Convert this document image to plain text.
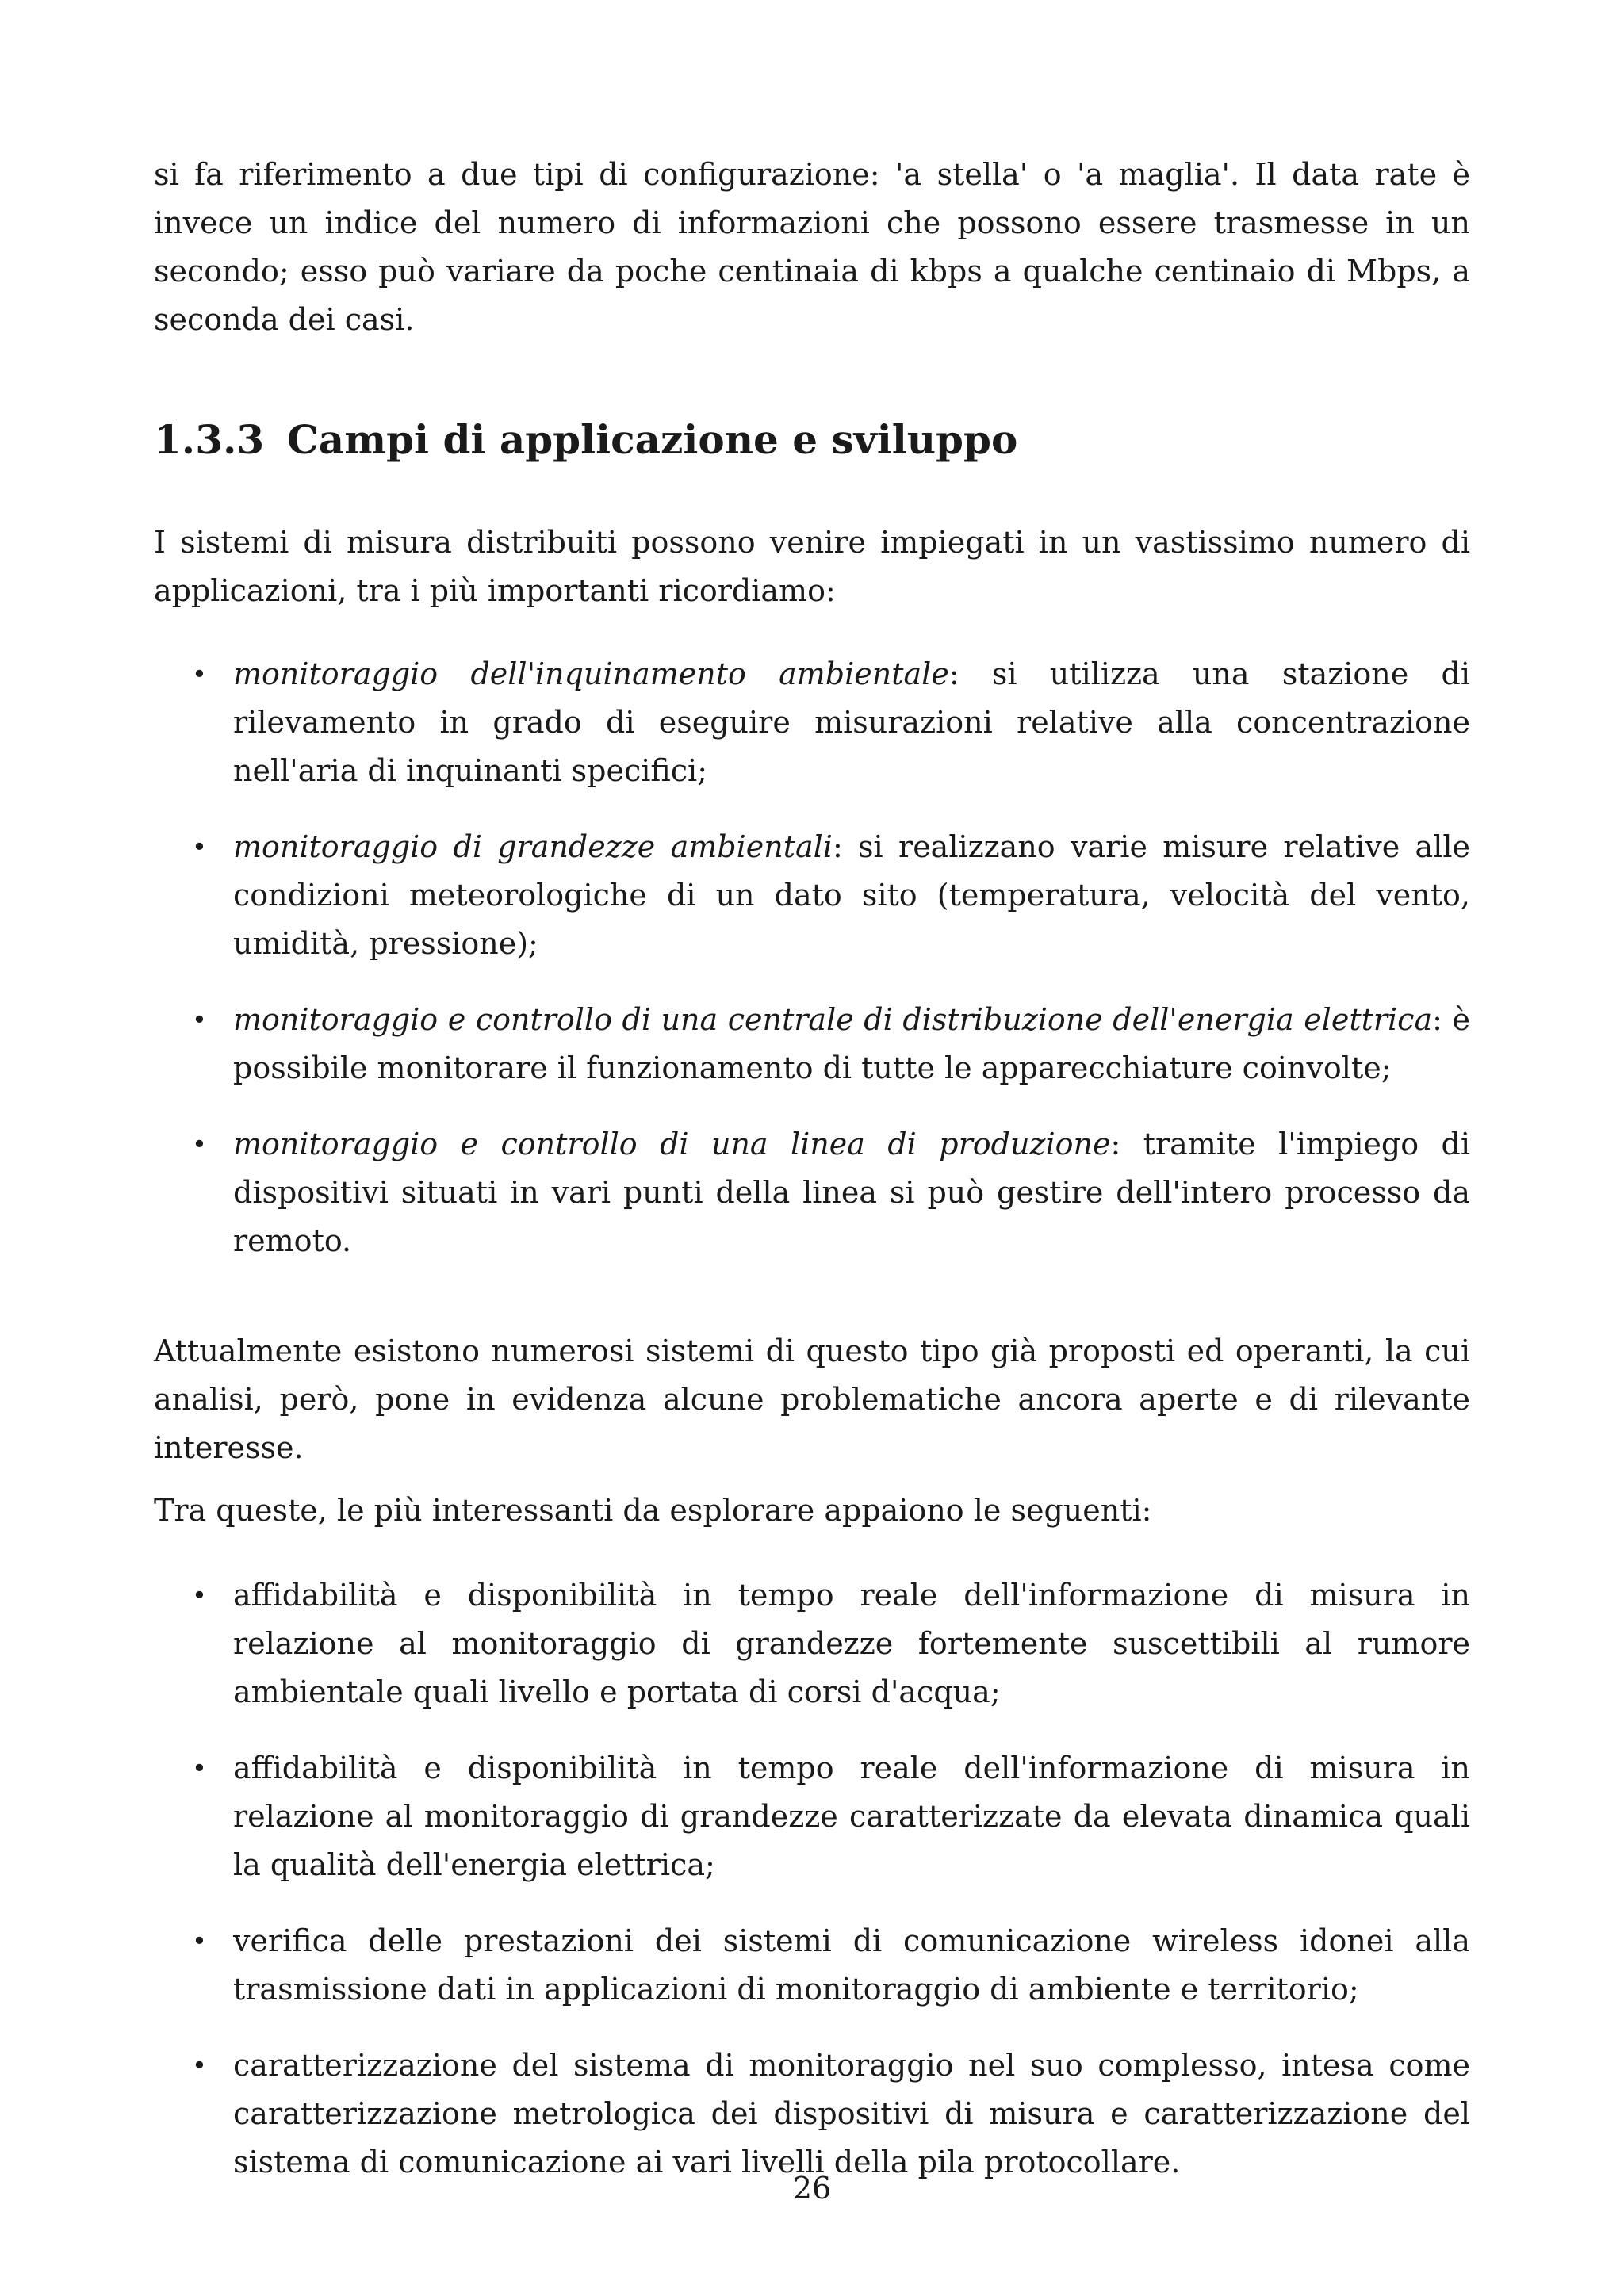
si fa riferimento a due tipi di configurazione: 'a stella' o 'a maglia'. Il data rate è invece un indice del numero di informazioni che possono essere trasmesse in un secondo; esso può variare da poche centinaia di kbps a qualche centinaio di Mbps, a seconda dei casi.

1.3.3 Campi di applicazione e sviluppo

I sistemi di misura distribuiti possono venire impiegati in un vastissimo numero di applicazioni, tra i più importanti ricordiamo:

• monitoraggio dell'inquinamento ambientale: si utilizza una stazione di rilevamento in grado di eseguire misurazioni relative alla concentrazione nell'aria di inquinanti specifici;
• monitoraggio di grandezze ambientali: si realizzano varie misure relative alle condizioni meteorologiche di un dato sito (temperatura, velocità del vento, umidità, pressione);
• monitoraggio e controllo di una centrale di distribuzione dell'energia elettrica: è possibile monitorare il funzionamento di tutte le apparecchiature coinvolte;
• monitoraggio e controllo di una linea di produzione: tramite l'impiego di dispositivi situati in vari punti della linea si può gestire dell'intero processo da remoto.

Attualmente esistono numerosi sistemi di questo tipo già proposti ed operanti, la cui analisi, però, pone in evidenza alcune problematiche ancora aperte e di rilevante interesse.

Tra queste, le più interessanti da esplorare appaiono le seguenti:

• affidabilità e disponibilità in tempo reale dell'informazione di misura in relazione al monitoraggio di grandezze fortemente suscettibili al rumore ambientale quali livello e portata di corsi d'acqua;
• affidabilità e disponibilità in tempo reale dell'informazione di misura in relazione al monitoraggio di grandezze caratterizzate da elevata dinamica quali la qualità dell'energia elettrica;
• verifica delle prestazioni dei sistemi di comunicazione wireless idonei alla trasmissione dati in applicazioni di monitoraggio di ambiente e territorio;
• caratterizzazione del sistema di monitoraggio nel suo complesso, intesa come caratterizzazione metrologica dei dispositivi di misura e caratterizzazione del sistema di comunicazione ai vari livelli della pila protocollare.
26
